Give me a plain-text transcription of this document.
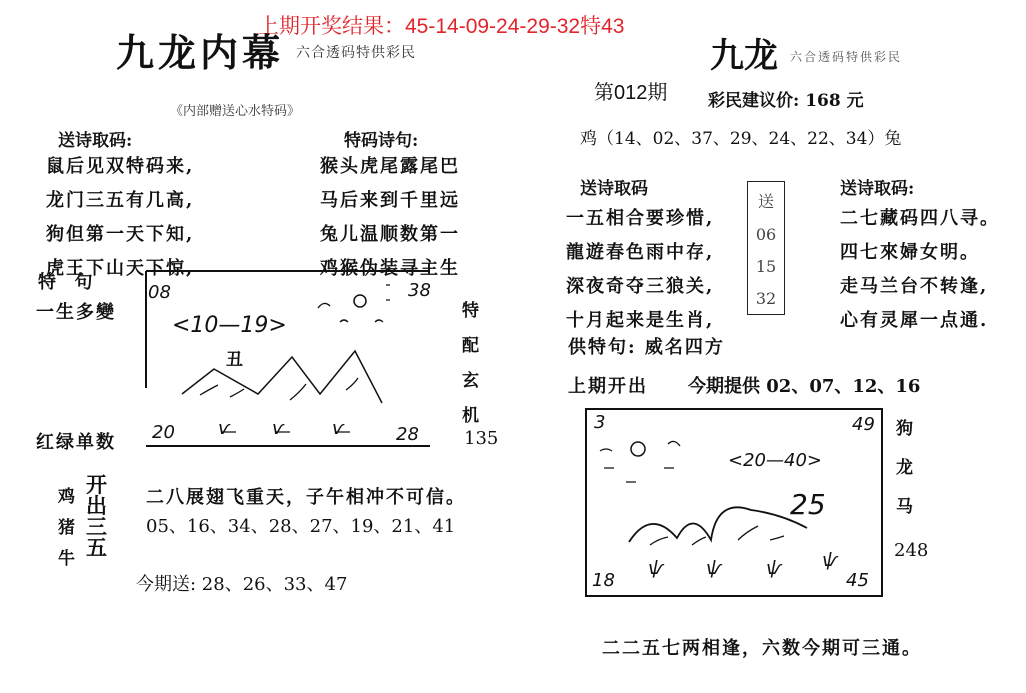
上期开奖结果：45-14-09-24-29-32特43
九龙内幕 六合透码特供彩民
《内部赠送心水特码》
送诗取码:
鼠后见双特码来,
龙门三五有几高,
狗但第一天下知,
虎王下山天下惊,
特码诗句:
猴头虎尾露尾巴
马后来到千里远
兔儿温顺数第一
鸡猴伪装寻主生
特  句
一生多變
08	38
<10—19>
丑
20 ѵ ѵ	ѵ	28
特
配
玄
机
红绿单数	135
鸡
猪
牛
开
出
三
五
二八展翅飞重天，子午相冲不可信。
05、16、34、28、27、19、21、41
今期送: 28、26、33、47
九龙 六合透码特供彩民
第012期 彩民建议价: 168 元
鸡（14、02、37、29、24、22、34）兔
送诗取码
一五相合要珍惜,
龍遊春色雨中存,
深夜奇夺三狼关,
十月起来是生肖,
送
06
15
32
送诗取码:
二七藏码四八寻。
四七來婦女明。
走马兰台不转逢,
心有灵犀一点通.
供特句: 威名四方
上期开出 今期提供 02、07、12、16
3	49
<20—40>
25
ѱ ѱ ѱ ѱ
18	45
狗
龙
马
248
二二五七两相逢，六数今期可三通。
